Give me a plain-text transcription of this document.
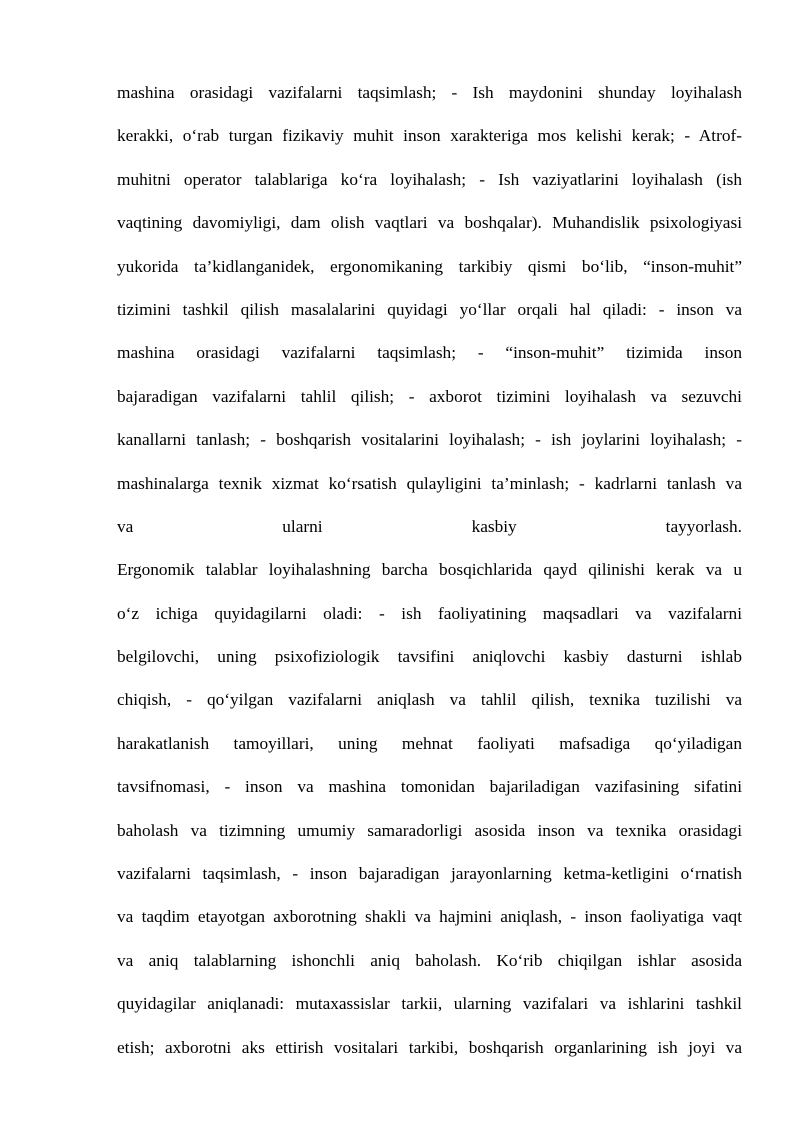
mashina orasidagi vazifalarni taqsimlash; - Ish maydonini shunday loyihalash
kerakki, o‘rab turgan fizikaviy muhit inson xarakteriga mos kelishi kerak; - Atrof-
muhitni operator talablariga ko‘ra loyihalash; - Ish vaziyatlarini loyihalash (ish
vaqtining davomiyligi, dam olish vaqtlari va boshqalar). Muhandislik psixologiyasi
yukorida ta’kidlanganidek, ergonomikaning tarkibiy qismi bo‘lib, “inson-muhit”
tizimini tashkil qilish masalalarini quyidagi yo‘llar orqali hal qiladi: - inson va
mashina orasidagi vazifalarni taqsimlash; - “inson-muhit” tizimida inson
bajaradigan vazifalarni tahlil qilish; - axborot tizimini loyihalash va sezuvchi
kanallarni tanlash; - boshqarish vositalarini loyihalash; - ish joylarini loyihalash; -
mashinalarga texnik xizmat ko‘rsatish qulayligini ta’minlash; - kadrlarni tanlash va
va ularni kasbiy tayyorlash.
Ergonomik talablar loyihalashning barcha bosqichlarida qayd qilinishi kerak va u
o‘z ichiga quyidagilarni oladi: - ish faoliyatining maqsadlari va vazifalarni
belgilovchi, uning psixofiziologik tavsifini aniqlovchi kasbiy dasturni ishlab
chiqish, - qo‘yilgan vazifalarni aniqlash va tahlil qilish, texnika tuzilishi va
harakatlanish tamoyillari, uning mehnat faoliyati mafsadiga qo‘yiladigan
tavsifnomasi, - inson va mashina tomonidan bajariladigan vazifasining sifatini
baholash va tizimning umumiy samaradorligi asosida inson va texnika orasidagi
vazifalarni taqsimlash, - inson bajaradigan jarayonlarning ketma-ketligini o‘rnatish
va taqdim etayotgan axborotning shakli va hajmini aniqlash, - inson faoliyatiga vaqt
va aniq talablarning ishonchli aniq baholash. Ko‘rib chiqilgan ishlar asosida
quyidagilar aniqlanadi: mutaxassislar tarkii, ularning vazifalari va ishlarini tashkil
etish; axborotni aks ettirish vositalari tarkibi, boshqarish organlarining ish joyi va
